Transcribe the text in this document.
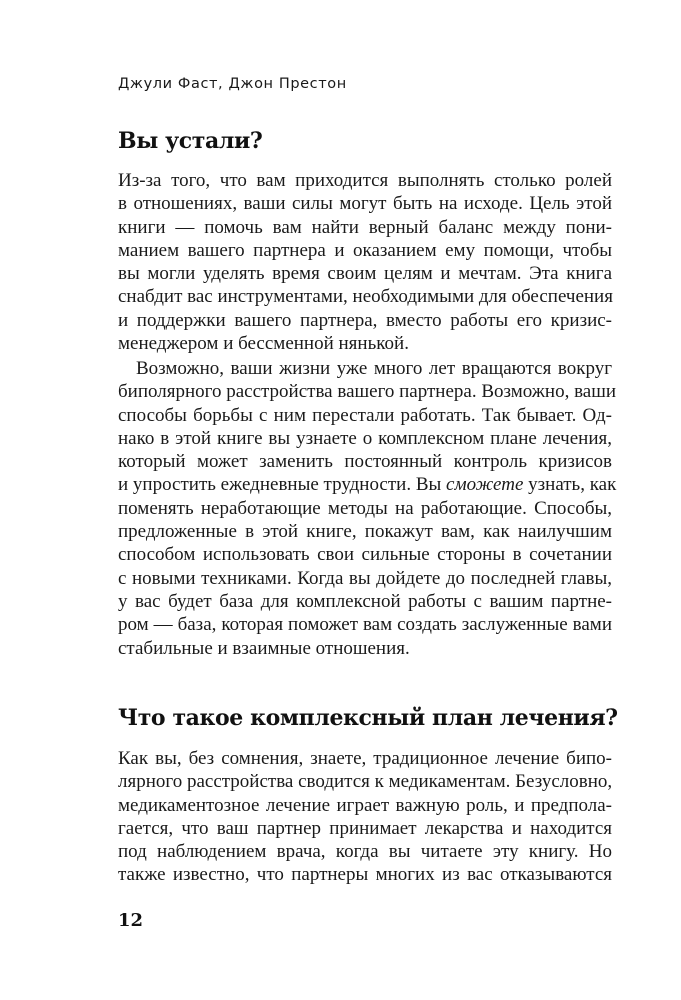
Джули Фаст, Джон Престон
Вы устали?
Из-за того, что вам приходится выполнять столько ролей
в отношениях, ваши силы могут быть на исходе. Цель этой
книги — помочь вам найти верный баланс между пони-
манием вашего партнера и оказанием ему помощи, чтобы
вы могли уделять время своим целям и мечтам. Эта книга
снабдит вас инструментами, необходимыми для обеспечения
и поддержки вашего партнера, вместо работы его кризис-
менеджером и бессменной нянькой.
Возможно, ваши жизни уже много лет вращаются вокруг
биполярного расстройства вашего партнера. Возможно, ваши
способы борьбы с ним перестали работать. Так бывает. Од-
нако в этой книге вы узнаете о комплексном плане лечения,
который может заменить постоянный контроль кризисов
и упростить ежедневные трудности. Вы сможете узнать, как
поменять неработающие методы на работающие. Способы,
предложенные в этой книге, покажут вам, как наилучшим
способом использовать свои сильные стороны в сочетании
с новыми техниками. Когда вы дойдете до последней главы,
у вас будет база для комплексной работы с вашим партне-
ром — база, которая поможет вам создать заслуженные вами
стабильные и взаимные отношения.
Что такое комплексный план лечения?
Как вы, без сомнения, знаете, традиционное лечение бипо-
лярного расстройства сводится к медикаментам. Безусловно,
медикаментозное лечение играет важную роль, и предпола-
гается, что ваш партнер принимает лекарства и находится
под наблюдением врача, когда вы читаете эту книгу. Но
также известно, что партнеры многих из вас отказываются
12
